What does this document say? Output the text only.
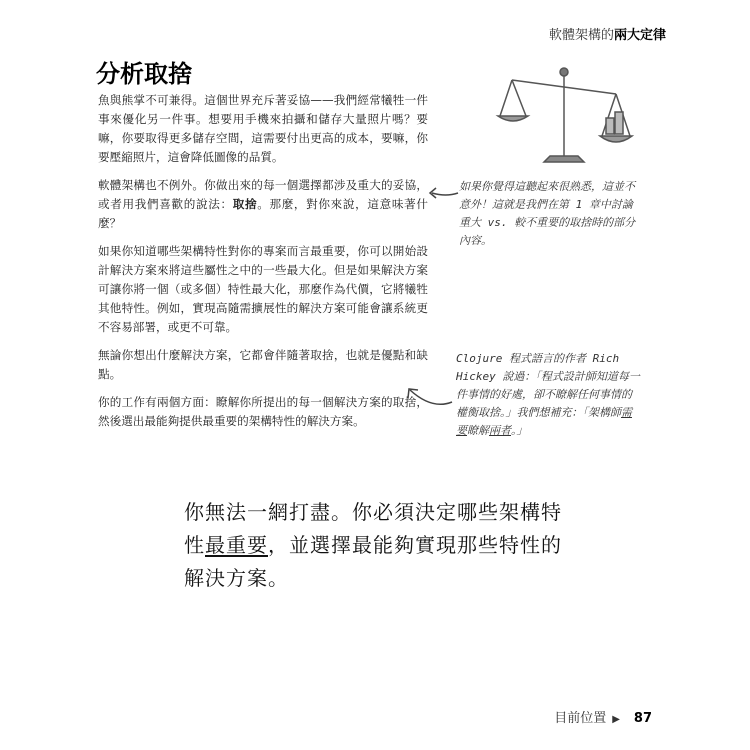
軟體架構的兩大定律
分析取捨

魚與熊掌不可兼得。這個世界充斥著妥協——我們經常犧牲一件事來優化另一件事。想要用手機來拍攝和儲存大量照片嗎？要嘛，你要取得更多儲存空間，這需要付出更高的成本，要嘛，你要壓縮照片，這會降低圖像的品質。

軟體架構也不例外。你做出來的每一個選擇都涉及重大的妥協，或者用我們喜歡的說法：取捨。那麼，對你來說，這意味著什麼？

如果你知道哪些架構特性對你的專案而言最重要，你可以開始設計解決方案來將這些屬性之中的一些最大化。但是如果解決方案可讓你將一個（或多個）特性最大化，那麼作為代價，它將犧牲其他特性。例如，實現高隨需擴展性的解決方案可能會讓系統更不容易部署，或更不可靠。

無論你想出什麼解決方案，它都會伴隨著取捨，也就是優點和缺點。

你的工作有兩個方面：瞭解你所提出的每一個解決方案的取捨，然後選出最能夠提供最重要的架構特性的解決方案。

如果你覺得這聽起來很熟悉，這並不意外！這就是我們在第 1 章中討論重大 vs. 較不重要的取捨時的部分內容。
Clojure 程式語言的作者 Rich Hickey 說過：「程式設計師知道每一件事情的好處，卻不瞭解任何事情的權衡取捨。」我們想補充：「架構師需要瞭解兩者。」
你無法一網打盡。你必須決定哪些架構特性最重要，並選擇最能夠實現那些特性的解決方案。
目前位置 ▶ 87
